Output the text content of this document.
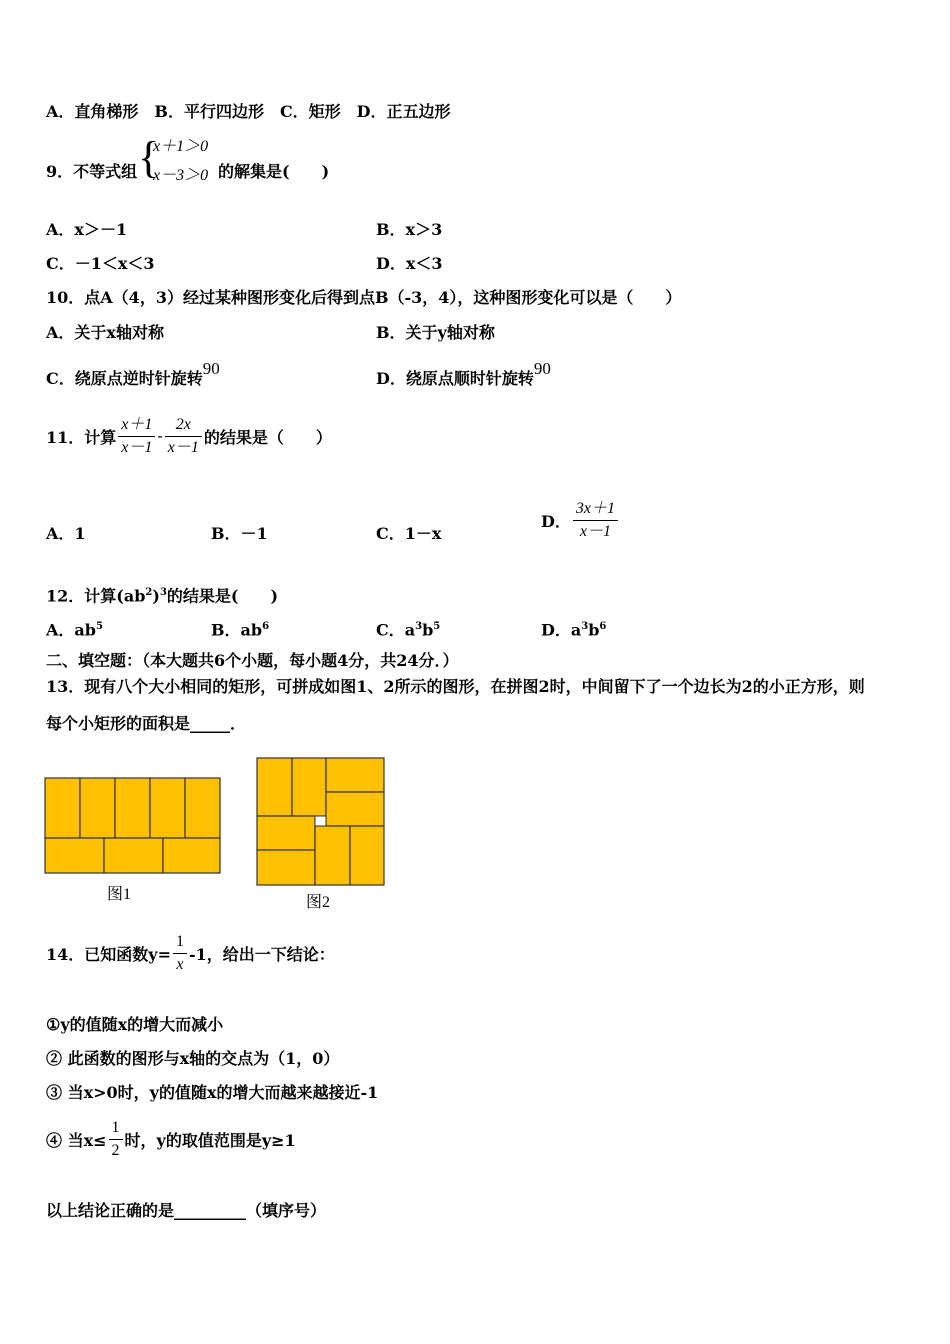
A．直角梯形　B．平行四边形　C．矩形　D．正五边形
9．不等式组 {
x＋1＞0
x－3＞0 的解集是(　　)
A．x＞－1	B．x＞3
C．－1＜x＜3	D．x＜3
10．点A（4，3）经过某种图形变化后得到点B（-3，4），这种图形变化可以是（　　）
A．关于x轴对称	B．关于y轴对称
C．绕原点逆时针旋转90
D．绕原点顺时针旋转90
11．计算 $\frac{x+1}{x-1} - \frac{2x}{x-1}$ 的结果是（　　）
A．1	B．－1	C．1－x
D． $\frac{3x+1}{x-1}$
12．计算$(ab^2)^3$的结果是(　　)
A．$ab^5$	B．$ab^6$	C．$a^3b^5$	D．$a^3b^6$
二、填空题：（本大题共6个小题，每小题4分，共24分．）
13．现有八个大小相同的矩形，可拼成如图1、2所示的图形，在拼图2时，中间留下了一个边长为2的小正方形，则
每个小矩形的面积是_____．
图1	图2
14．已知函数$y= \frac{1}{x} -1$，给出一下结论：
①y的值随x的增大而减小
② 此函数的图形与x轴的交点为（1，0）
③ 当x>0时，y的值随x的增大而越来越接近-1
④ 当$x\le \frac{1}{2}$ 时，y的取值范围是y≥1
以上结论正确的是_________（填序号）
